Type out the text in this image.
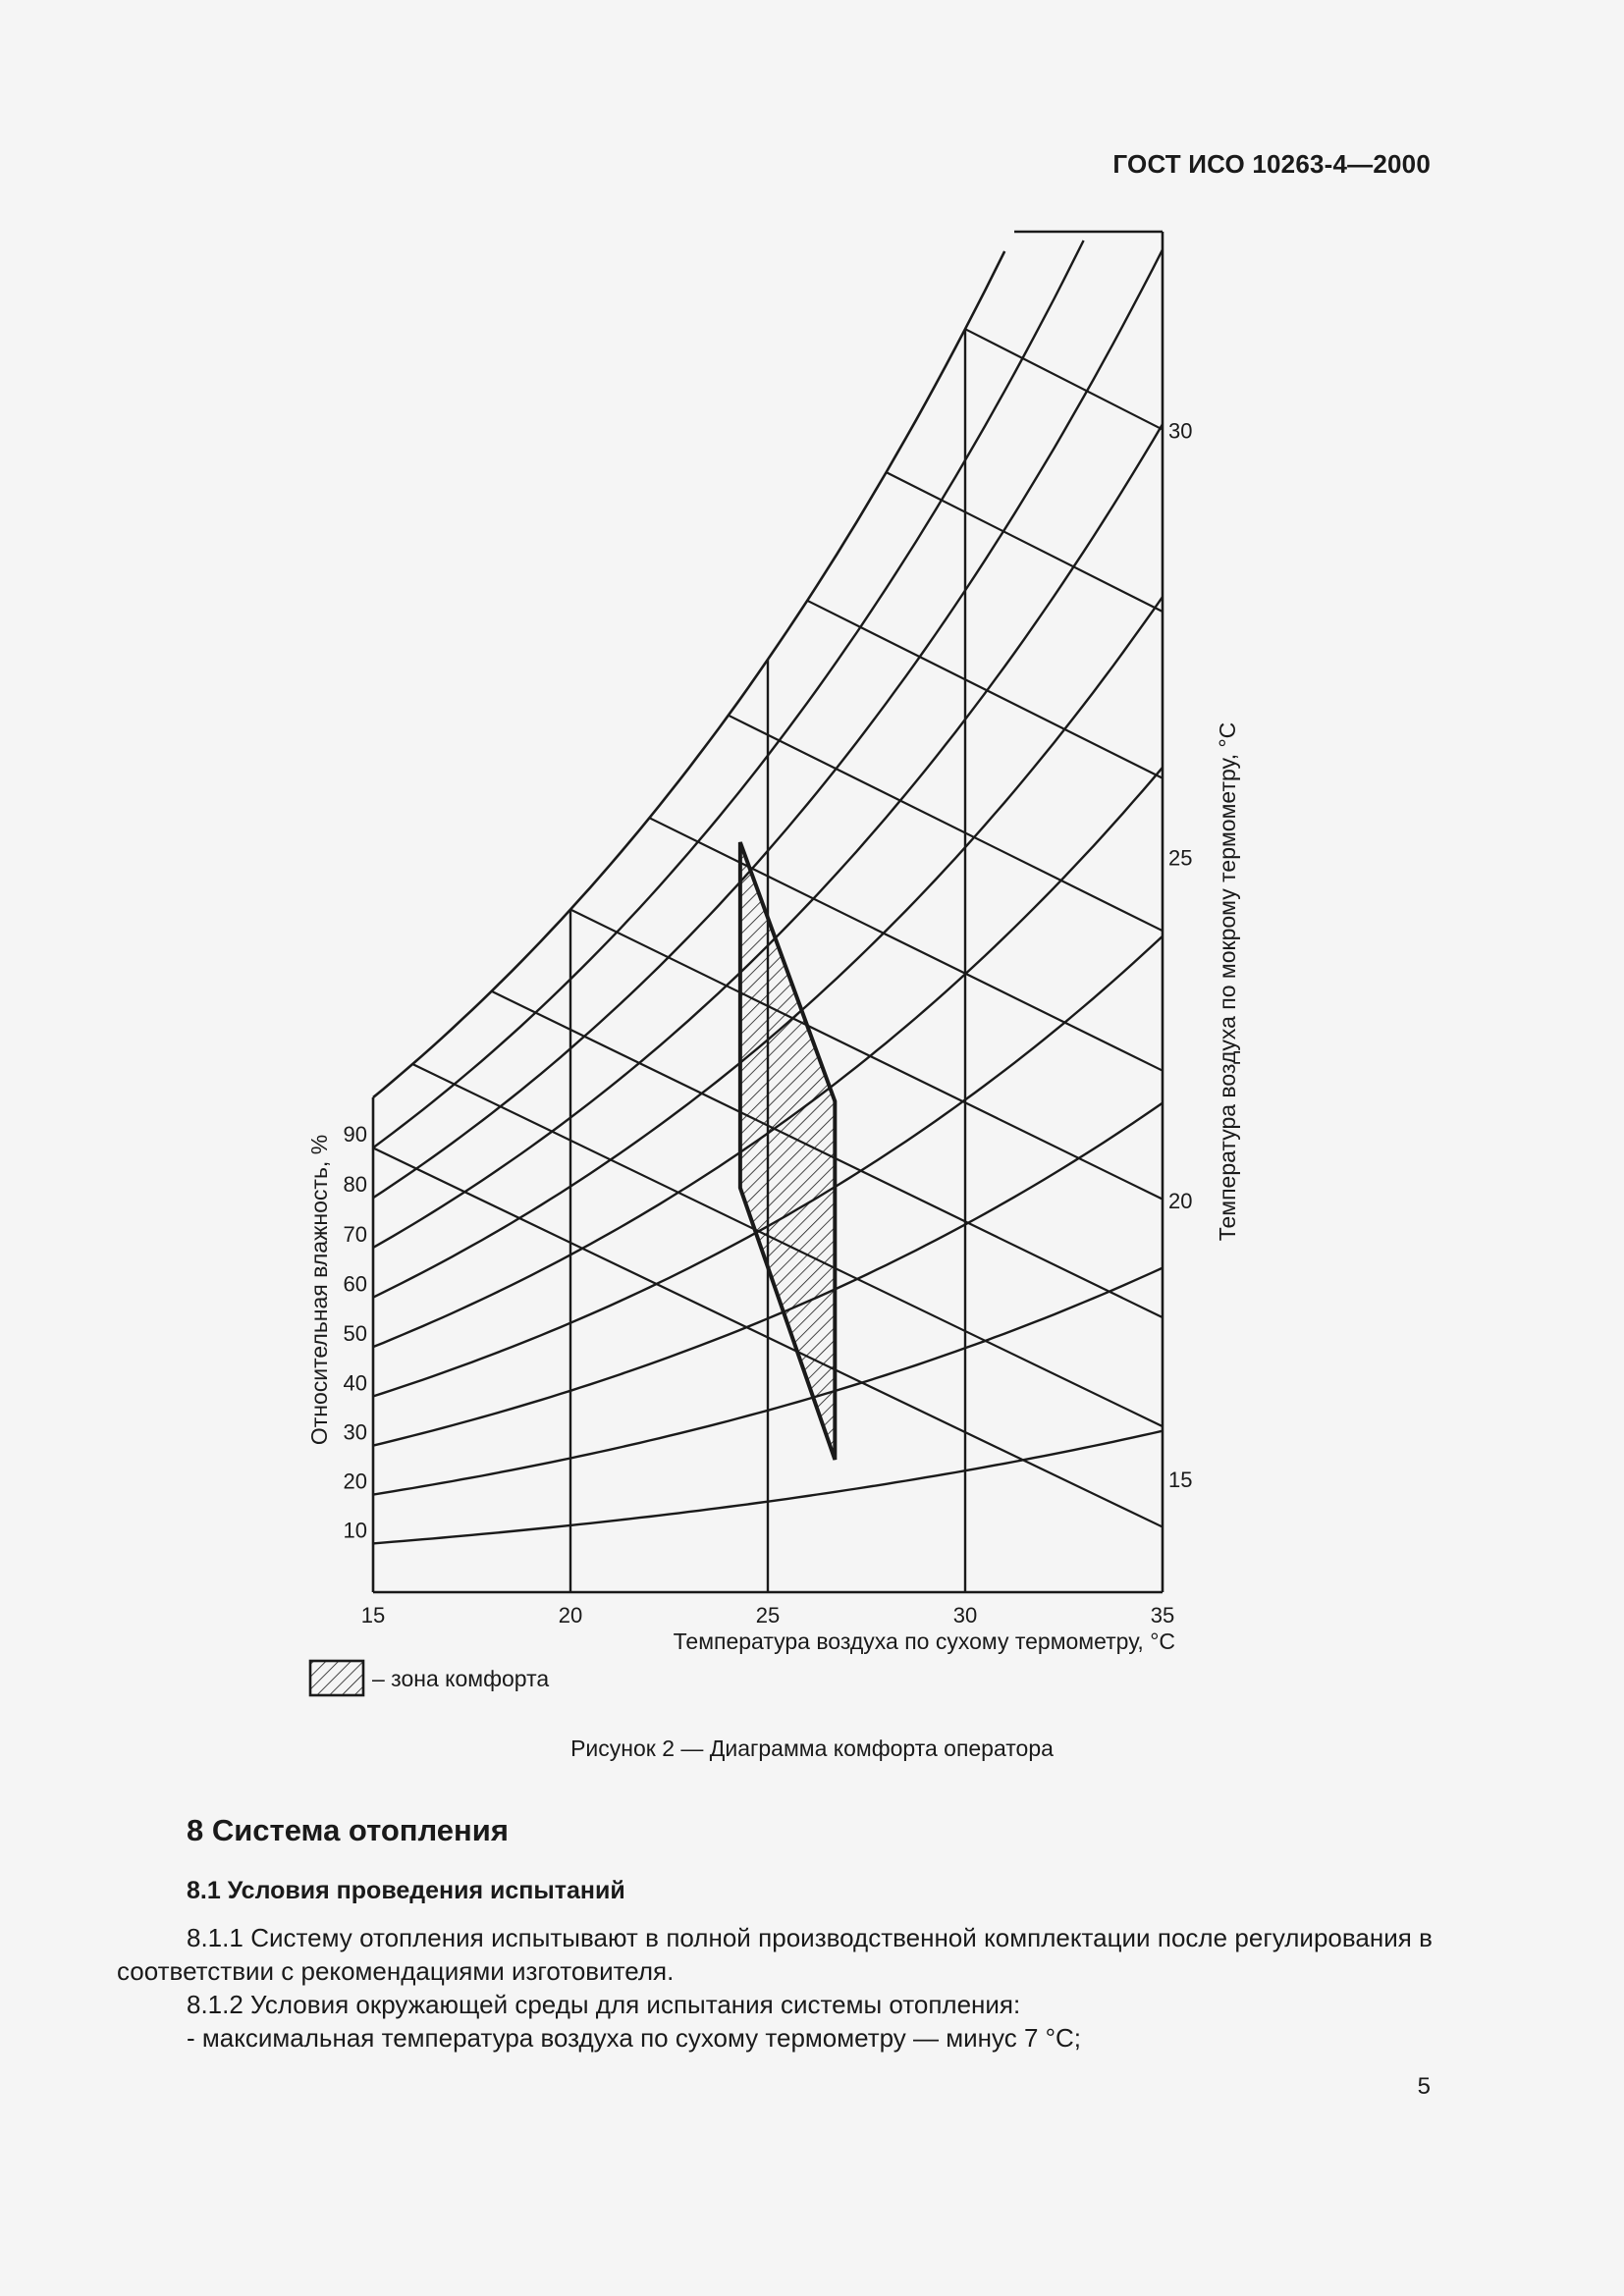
ГОСТ ИСО 10263-4—2000
15	20	25	30	35
10
20
30
40
50
60
70
80
90
15
20
25
30
Температура воздуха по сухому термометру, °С
Относительная влажность, %
Температура воздуха по мокрому термометру, °С
– зона комфорта
Рисунок 2 — Диаграмма комфорта оператора
8 Система отопления
8.1 Условия проведения испытаний
8.1.1 Систему отопления испытывают в полной производственной комплектации после регулирования в соответствии с рекомендациями изготовителя.
8.1.2 Условия окружающей среды для испытания системы отопления:
- максимальная температура воздуха по сухому термометру — минус 7 °С;
5
